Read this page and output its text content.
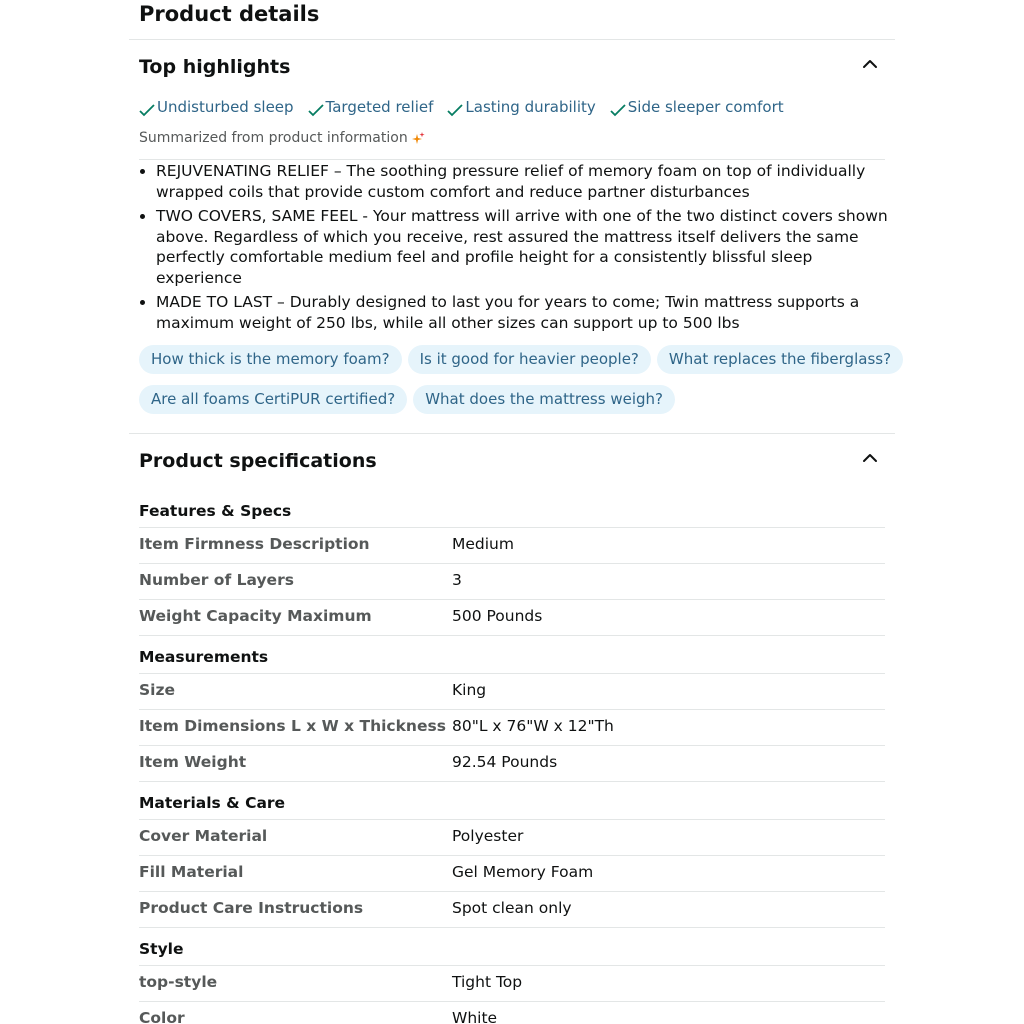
Product details
Top highlights
Undisturbed sleep Targeted relief Lasting durability Side sleeper comfort
Summarized from product information
• REJUVENATING RELIEF – The soothing pressure relief of memory foam on top of individually wrapped coils that provide custom comfort and reduce partner disturbances
• TWO COVERS, SAME FEEL - Your mattress will arrive with one of the two distinct covers shown above. Regardless of which you receive, rest assured the mattress itself delivers the same perfectly comfortable medium feel and profile height for a consistently blissful sleep experience
• MADE TO LAST – Durably designed to last you for years to come; Twin mattress supports a maximum weight of 250 lbs, while all other sizes can support up to 500 lbs
How thick is the memory foam?	Is it good for heavier people?	What replaces the fiberglass?
Are all foams CertiPUR certified?	What does the mattress weigh?
Product specifications
Features & Specs
Item Firmness Description	Medium
Number of Layers	3
Weight Capacity Maximum	500 Pounds
Measurements
Size	King
Item Dimensions L x W x Thickness 80"L x 76"W x 12"Th
Item Weight	92.54 Pounds
Materials & Care
Cover Material	Polyester
Fill Material	Gel Memory Foam
Product Care Instructions	Spot clean only
Style
top-style	Tight Top
Color	White
